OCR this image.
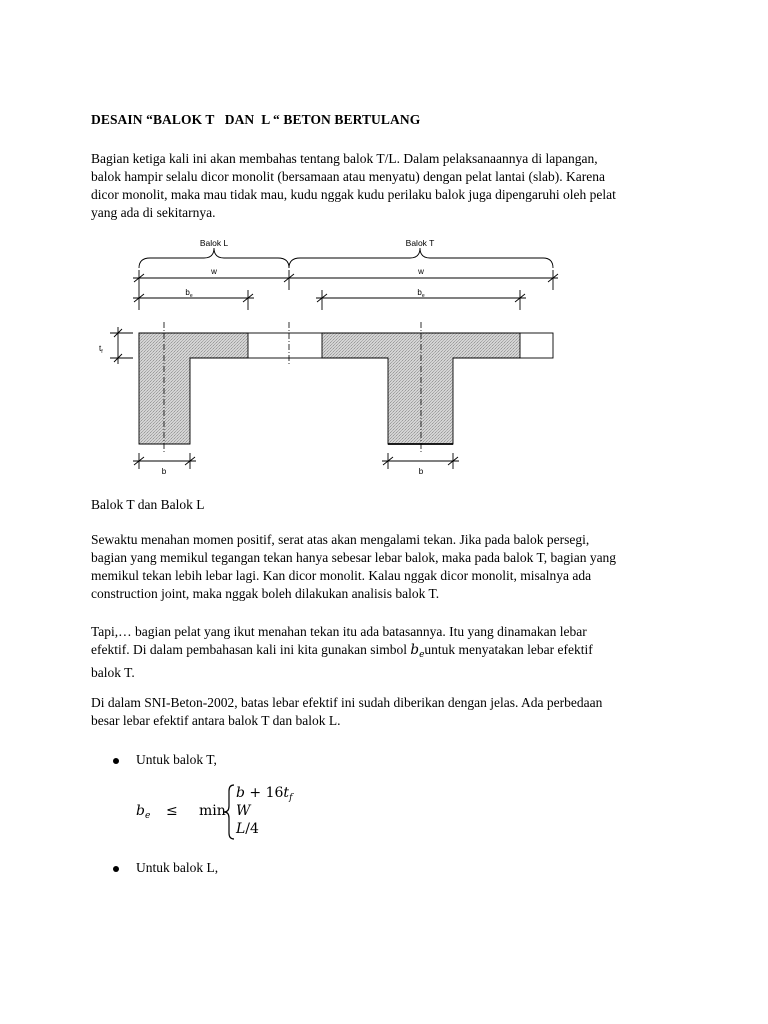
DESAIN “BALOK T   DAN  L “ BETON BERTULANG
Bagian ketiga kali ini akan membahas tentang balok T/L. Dalam pelaksanaannya di lapangan,
balok hampir selalu dicor monolit (bersamaan atau menyatu) dengan pelat lantai (slab). Karena
dicor monolit, maka mau tidak mau, kudu nggak kudu perilaku balok juga dipengaruhi oleh pelat
yang ada di sekitarnya.
Balok L	Balok T
w	w
$b_e$	$b_e$
$t_f$
b	b
Balok T dan Balok L
Sewaktu menahan momen positif, serat atas akan mengalami tekan. Jika pada balok persegi,
bagian yang memikul tegangan tekan hanya sebesar lebar balok, maka pada balok T, bagian yang
memikul tekan lebih lebar lagi. Kan dicor monolit. Kalau nggak dicor monolit, misalnya ada
construction joint, maka nggak boleh dilakukan analisis balok T.
Tapi,… bagian pelat yang ikut menahan tekan itu ada batasannya. Itu yang dinamakan lebar
efektif. Di dalam pembahasan kali ini kita gunakan simbol $b_euntuk$ menyatakan lebar efektif
balok T.
Di dalam SNI-Beton-2002, batas lebar efektif ini sudah diberikan dengan jelas. Ada perbedaan
besar lebar efektif antara balok T dan balok L.
Untuk balok T,
$b_e \le \min$
$b + 16t_f$
W
L/4
Untuk balok L,
